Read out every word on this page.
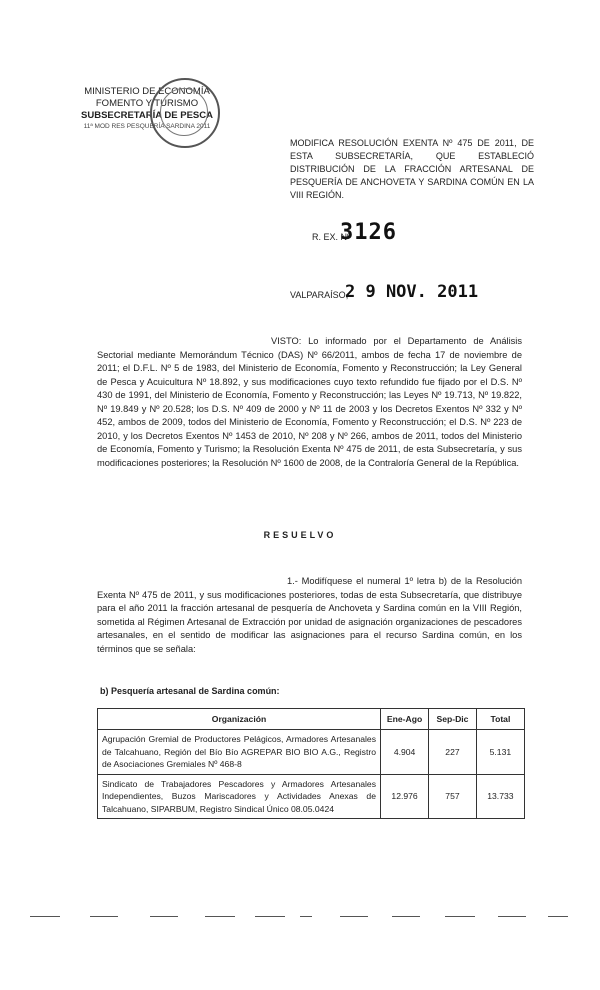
MINISTERIO DE ECONOMÍA
FOMENTO Y TURISMO
SUBSECRETARÍA DE PESCA
11ª MOD RES PESQUERÍA SARDINA 2011
MODIFICA RESOLUCIÓN EXENTA Nº 475 DE 2011, DE ESTA SUBSECRETARÍA, QUE ESTABLECIÓ DISTRIBUCIÓN DE LA FRACCIÓN ARTESANAL DE PESQUERÍA DE ANCHOVETA Y SARDINA COMÚN EN LA VIII REGIÓN.
R. EX. Nº
3126
VALPARAÍSO,
2 9 NOV. 2011
VISTO: Lo informado por el Departamento de Análisis Sectorial mediante Memorándum Técnico (DAS) Nº 66/2011, ambos de fecha 17 de noviembre de 2011; el D.F.L. Nº 5 de 1983, del Ministerio de Economía, Fomento y Reconstrucción; la Ley General de Pesca y Acuicultura Nº 18.892, y sus modificaciones cuyo texto refundido fue fijado por el D.S. Nº 430 de 1991, del Ministerio de Economía, Fomento y Reconstrucción; las Leyes Nº 19.713, Nº 19.822, Nº 19.849 y Nº 20.528; los D.S. Nº 409 de 2000 y Nº 11 de 2003 y los Decretos Exentos Nº 332 y Nº 452, ambos de 2009, todos del Ministerio de Economía, Fomento y Reconstrucción; el D.S. Nº 223 de 2010, y los Decretos Exentos Nº 1453 de 2010, Nº 208 y Nº 266, ambos de 2011, todos del Ministerio de Economía, Fomento y Turismo; la Resolución Exenta Nº 475 de 2011, de esta Subsecretaría, y sus modificaciones posteriores; la Resolución Nº 1600 de 2008, de la Contraloría General de la República.
RESUELVO
1.- Modifíquese el numeral 1º letra b) de la Resolución Exenta Nº 475 de 2011, y sus modificaciones posteriores, todas de esta Subsecretaría, que distribuye para el año 2011 la fracción artesanal de pesquería de Anchoveta y Sardina común en la VIII Región, sometida al Régimen Artesanal de Extracción por unidad de asignación organizaciones de pescadores artesanales, en el sentido de modificar las asignaciones para el recurso Sardina común, en los términos que se señala:
b) Pesquería artesanal de Sardina común:
Organización	Ene-Ago	Sep-Dic	Total
Agrupación Gremial de Productores Pelágicos, Armadores Artesanales de Talcahuano, Región del Bío Bío AGREPAR BIO BIO A.G., Registro de Asociaciones Gremiales Nº 468-8	4.904	227	5.131
Sindicato de Trabajadores Pescadores y Armadores Artesanales Independientes, Buzos Mariscadores y Actividades Anexas de Talcahuano, SIPARBUM, Registro Sindical Único 08.05.0424	12.976	757	13.733
